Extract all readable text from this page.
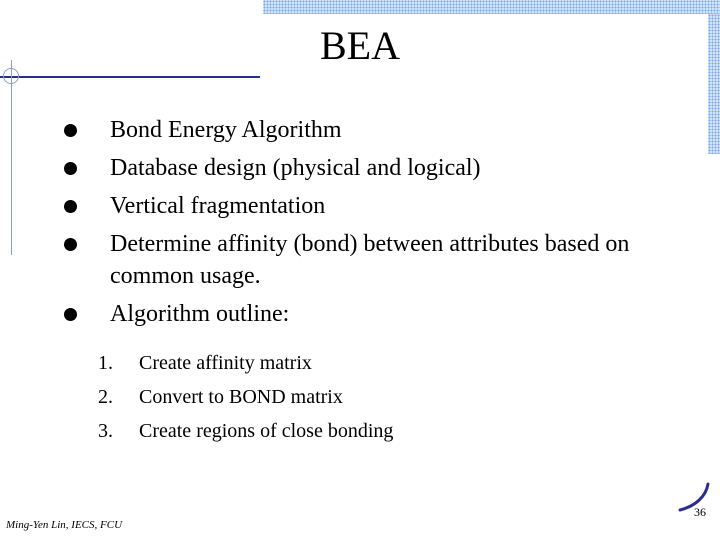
BEA
Bond Energy Algorithm
Database design (physical and logical)
Vertical fragmentation
Determine affinity (bond) between attributes based on common usage.
Algorithm outline:
1. Create affinity matrix
2. Convert to BOND matrix
3. Create regions of close bonding
Ming-Yen Lin, IECS, FCU
36
